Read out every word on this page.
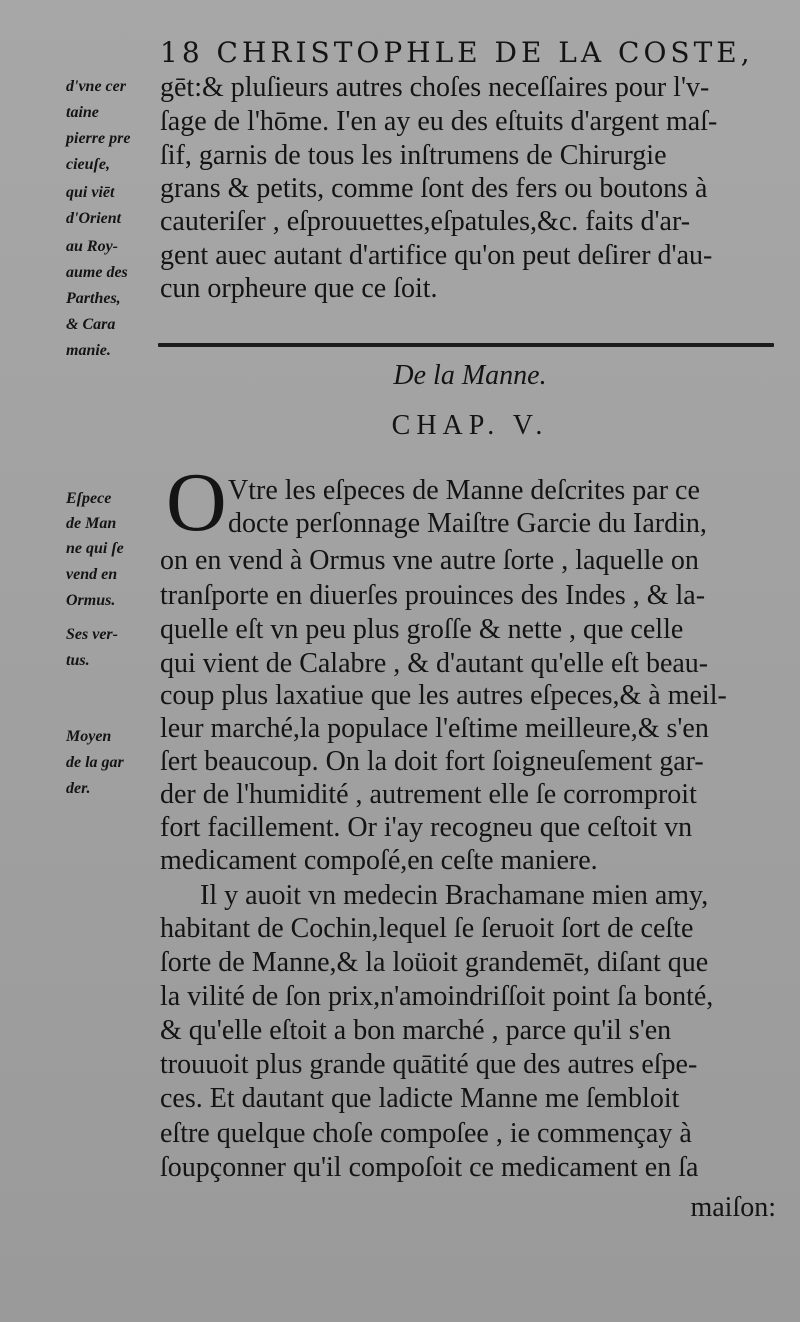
18 CHRISTOPHLE DE LA COSTE,
d'vne cer
taine
pierre pre
cieuſe,
qui viēt
d'Orient
au Roy-
aume des
Parthes,
& Cara
manie.
gēt:& pluſieurs autres choſes neceſſaires pour l'v-
ſage de l'hōme. I'en ay eu des eſtuits d'argent maſ-
ſif, garnis de tous les inſtrumens de Chirurgie
grans & petits, comme ſont des fers ou boutons à
cauteriſer , eſprouuettes,eſpatules,&c. faits d'ar-
gent auec autant d'artifice qu'on peut deſirer d'au-
cun orpheure que ce ſoit.
De la Manne.
CHAP. V.
O
Eſpece
de Man
ne qui ſe
vend en
Ormus.
Ses ver-
tus.
Moyen
de la gar
der.
Vtre les eſpeces de Manne deſcrites par ce
docte perſonnage Maiſtre Garcie du Iardin,
on en vend à Ormus vne autre ſorte , laquelle on
tranſporte en diuerſes prouinces des Indes , & la-
quelle eſt vn peu plus groſſe & nette , que celle
qui vient de Calabre , & d'autant qu'elle eſt beau-
coup plus laxatiue que les autres eſpeces,& à meil-
leur marché,la populace l'eſtime meilleure,& s'en
ſert beaucoup. On la doit fort ſoigneuſement gar-
der de l'humidité , autrement elle ſe corromproit
fort facillement. Or i'ay recogneu que ceſtoit vn
medicament compoſé,en ceſte maniere.
Il y auoit vn medecin Brachamane mien amy,
habitant de Cochin,lequel ſe ſeruoit ſort de ceſte
ſorte de Manne,& la loüoit grandemēt, diſant que
la vilité de ſon prix,n'amoindriſſoit point ſa bonté,
& qu'elle eſtoit a bon marché , parce qu'il s'en
trouuoit plus grande quātité que des autres eſpe-
ces. Et dautant que ladicte Manne me ſembloit
eſtre quelque choſe compoſee , ie commençay à
ſoupçonner qu'il compoſoit ce medicament en ſa
maiſon:
